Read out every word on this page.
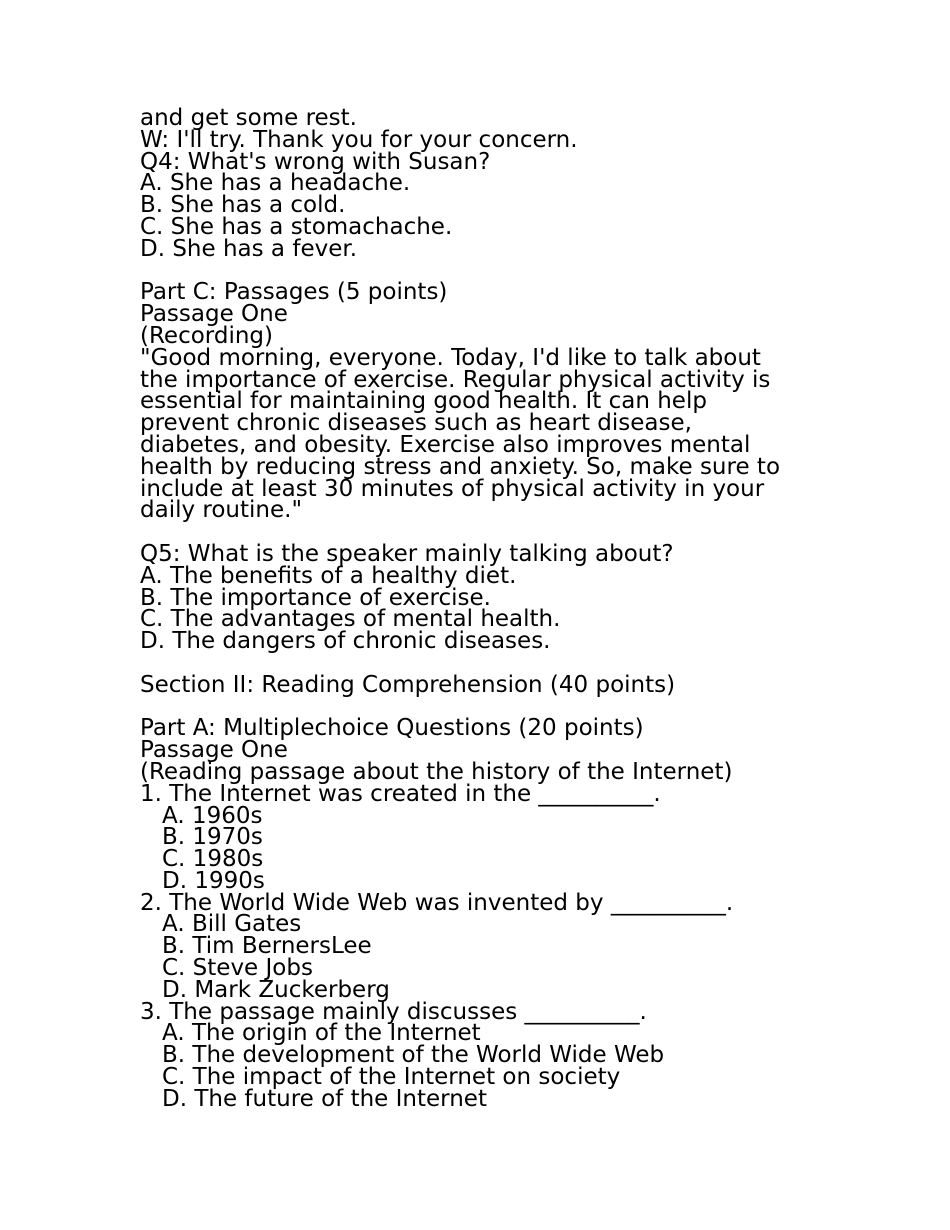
and get some rest.
W: I'll try. Thank you for your concern.
Q4: What's wrong with Susan?
A. She has a headache.
B. She has a cold.
C. She has a stomachache.
D. She has a fever.
Part C: Passages (5 points)
Passage One
(Recording)
"Good morning, everyone. Today, I'd like to talk about
the importance of exercise. Regular physical activity is
essential for maintaining good health. It can help
prevent chronic diseases such as heart disease,
diabetes, and obesity. Exercise also improves mental
health by reducing stress and anxiety. So, make sure to
include at least 30 minutes of physical activity in your
daily routine."
Q5: What is the speaker mainly talking about?
A. The benefits of a healthy diet.
B. The importance of exercise.
C. The advantages of mental health.
D. The dangers of chronic diseases.
Section II: Reading Comprehension (40 points)
Part A: Multiplechoice Questions (20 points)
Passage One
(Reading passage about the history of the Internet)
1. The Internet was created in the __________.
A. 1960s
B. 1970s
C. 1980s
D. 1990s
2. The World Wide Web was invented by __________.
A. Bill Gates
B. Tim BernersLee
C. Steve Jobs
D. Mark Zuckerberg
3. The passage mainly discusses __________.
A. The origin of the Internet
B. The development of the World Wide Web
C. The impact of the Internet on society
D. The future of the Internet
